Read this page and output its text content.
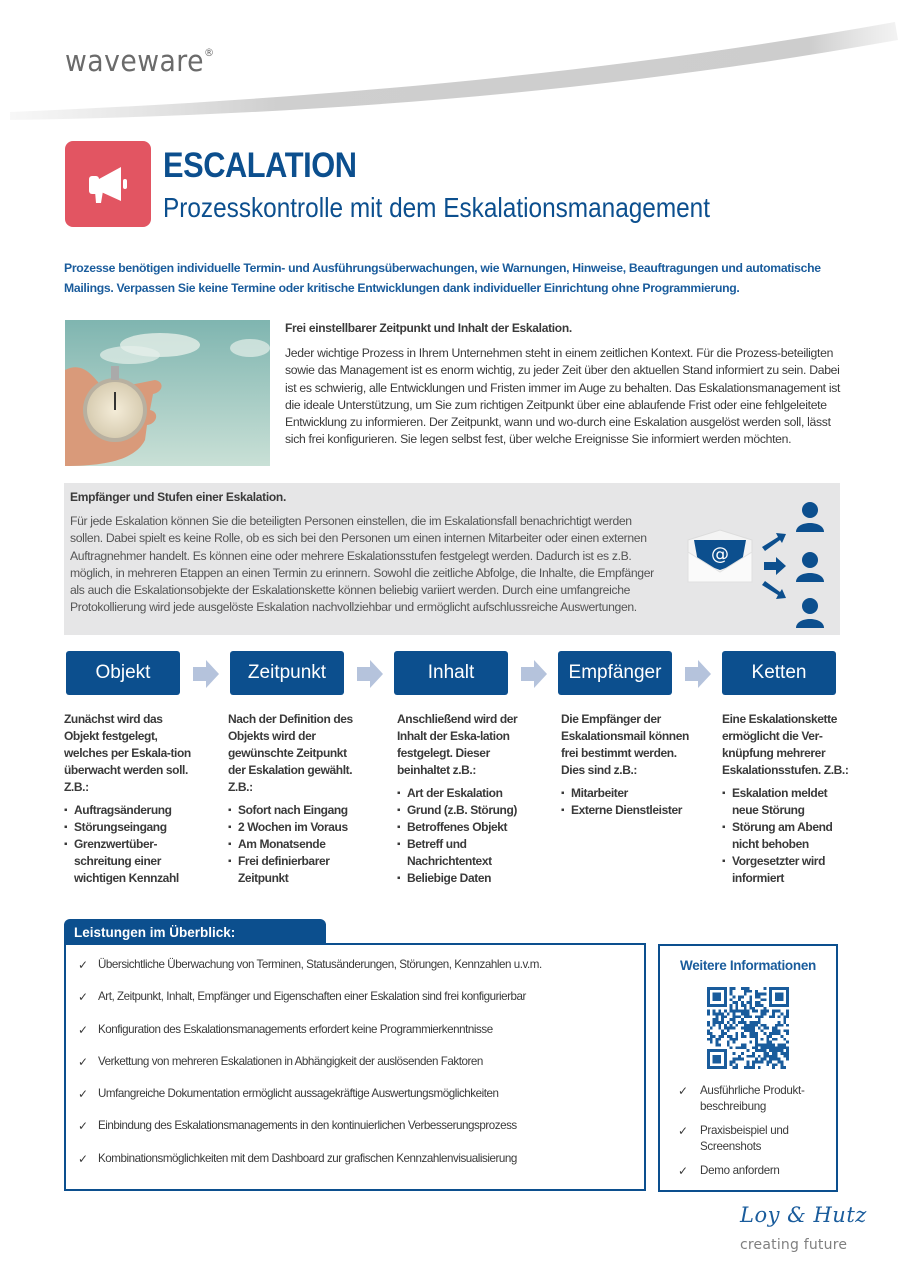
waveware®
ESCALATION
Prozesskontrolle mit dem Eskalationsmanagement
Prozesse benötigen individuelle Termin- und Ausführungsüberwachungen, wie Warnungen, Hinweise, Beauftragungen und automatische Mailings. Verpassen Sie keine Termine oder kritische Entwicklungen dank individueller Einrichtung ohne Programmierung.
Frei einstellbarer Zeitpunkt und Inhalt der Eskalation.
Jeder wichtige Prozess in Ihrem Unternehmen steht in einem zeitlichen Kontext. Für die Prozess-beteiligten sowie das Management ist es enorm wichtig, zu jeder Zeit über den aktuellen Stand informiert zu sein. Dabei ist es schwierig, alle Entwicklungen und Fristen immer im Auge zu behalten. Das Eskalationsmanagement ist die ideale Unterstützung, um Sie zum richtigen Zeitpunkt über eine ablaufende Frist oder eine fehlgeleitete Entwicklung zu informieren. Der Zeitpunkt, wann und wo-durch eine Eskalation ausgelöst werden soll, lässt sich frei konfigurieren. Sie legen selbst fest, über welche Ereignisse Sie informiert werden möchten.
Empfänger und Stufen einer Eskalation.
Für jede Eskalation können Sie die beteiligten Personen einstellen, die im Eskalationsfall benachrichtigt werden sollen. Dabei spielt es keine Rolle, ob es sich bei den Personen um einen internen Mitarbeiter oder einen externen Auftragnehmer handelt. Es können eine oder mehrere Eskalationsstufen festgelegt werden. Dadurch ist es z.B. möglich, in mehreren Etappen an einen Termin zu erinnern. Sowohl die zeitliche Abfolge, die Inhalte, die Empfänger als auch die Eskalationsobjekte der Eskalationskette können beliebig variiert werden. Durch eine umfangreiche Protokollierung wird jede ausgelöste Eskalation nachvollziehbar und ermöglicht aufschlussreiche Auswertungen.
@
Objekt	Zeitpunkt	Inhalt	Empfänger	Ketten

Zunächst wird das Objekt festgelegt, welches per Eskala-tion überwacht werden soll. Z.B.:

▪ Auftragsänderung
▪ Störungseingang
▪ Grenzwertüber-schreitung einer wichtigen Kennzahl

Nach der Definition des Objekts wird der gewünschte Zeitpunkt der Eskalation gewählt. Z.B.:

▪ Sofort nach Eingang
▪ 2 Wochen im Voraus
▪ Am Monatsende
▪ Frei definierbarer Zeitpunkt

Anschließend wird der Inhalt der Eska-lation festgelegt. Dieser beinhaltet z.B.:

▪ Art der Eskalation
▪ Grund (z.B. Störung)
▪ Betroffenes Objekt
▪ Betreff und Nachrichtentext
▪ Beliebige Daten

Die Empfänger der Eskalationsmail können frei bestimmt werden. Dies sind z.B.:

▪ Mitarbeiter
▪ Externe Dienstleister

Eine Eskalationskette ermöglicht die Ver-knüpfung mehrerer Eskalationsstufen. Z.B.:

▪ Eskalation meldet neue Störung
▪ Störung am Abend nicht behoben
▪ Vorgesetzter wird informiert
Leistungen im Überblick:
✓ Übersichtliche Überwachung von Terminen, Statusänderungen, Störungen, Kennzahlen u.v.m.
✓ Art, Zeitpunkt, Inhalt, Empfänger und Eigenschaften einer Eskalation sind frei konfigurierbar
✓ Konfiguration des Eskalationsmanagements erfordert keine Programmierkenntnisse
✓ Verkettung von mehreren Eskalationen in Abhängigkeit der auslösenden Faktoren
✓ Umfangreiche Dokumentation ermöglicht aussagekräftige Auswertungsmöglichkeiten
✓ Einbindung des Eskalationsmanagements in den kontinuierlichen Verbesserungsprozess
✓ Kombinationsmöglichkeiten mit dem Dashboard zur grafischen Kennzahlenvisualisierung
Weitere Informationen
✓	Ausführliche Produkt-beschreibung
✓	Praxisbeispiel und Screenshots
✓	Demo anfordern
Loy & Hutz
creating future
